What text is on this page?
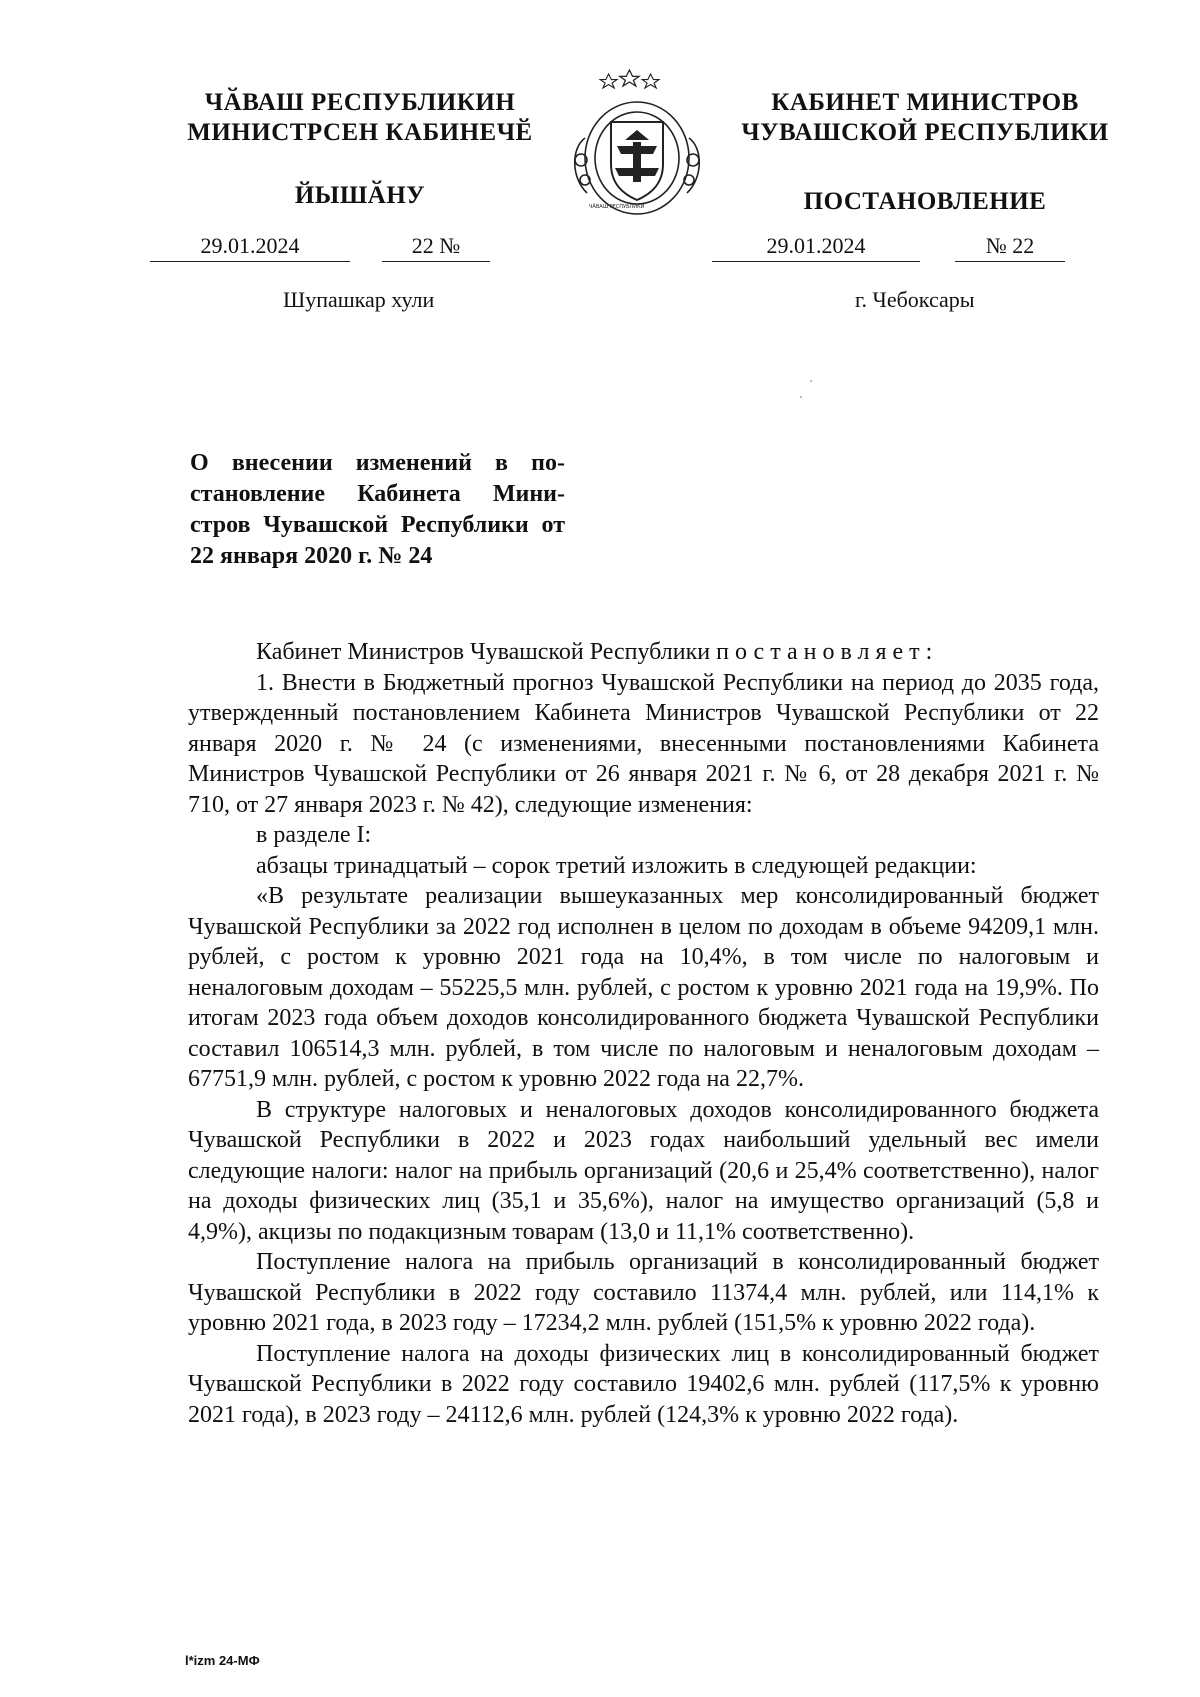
ЧӐВАШ РЕСПУБЛИКИН
МИНИСТРСЕН КАБИНЕЧӖ
ЙЫШӐНУ	ЧӐВАШ РЕСПУБЛИКИ
КАБИНЕТ МИНИСТРОВ
ЧУВАШСКОЙ РЕСПУБЛИКИ
ПОСТАНОВЛЕНИЕ
29.01.2024	22 №	29.01.2024	№ 22
Шупашкар хули	г. Чебоксары
О внесении изменений в по-становление Кабинета Мини-стров Чувашской Республики от 22 января 2020 г. № 24

Кабинет Министров Чувашской Республики постановляет:

1. Внести в Бюджетный прогноз Чувашской Республики на период до 2035 года, утвержденный постановлением Кабинета Министров Чувашской Республики от 22 января 2020 г. № 24 (с изменениями, внесенными постановлениями Кабинета Министров Чувашской Республики от 26 января 2021 г. № 6, от 28 декабря 2021 г. № 710, от 27 января 2023 г. № 42), следующие изменения:

в разделе I:

абзацы тринадцатый – сорок третий изложить в следующей редакции:

«В результате реализации вышеуказанных мер консолидированный бюджет Чувашской Республики за 2022 год исполнен в целом по доходам в объеме 94209,1 млн. рублей, с ростом к уровню 2021 года на 10,4%, в том числе по налоговым и неналоговым доходам – 55225,5 млн. рублей, с ростом к уровню 2021 года на 19,9%. По итогам 2023 года объем доходов консолидированного бюджета Чувашской Республики составил 106514,3 млн. рублей, в том числе по налоговым и неналоговым доходам – 67751,9 млн. рублей, с ростом к уровню 2022 года на 22,7%.

В структуре налоговых и неналоговых доходов консолидированного бюджета Чувашской Республики в 2022 и 2023 годах наибольший удельный вес имели следующие налоги: налог на прибыль организаций (20,6 и 25,4% соответственно), налог на доходы физических лиц (35,1 и 35,6%), налог на имущество организаций (5,8 и 4,9%), акцизы по подакцизным товарам (13,0 и 11,1% соответственно).

Поступление налога на прибыль организаций в консолидированный бюджет Чувашской Республики в 2022 году составило 11374,4 млн. рублей, или 114,1% к уровню 2021 года, в 2023 году – 17234,2 млн. рублей (151,5% к уровню 2022 года).

Поступление налога на доходы физических лиц в консолидированный бюджет Чувашской Республики в 2022 году составило 19402,6 млн. рублей (117,5% к уровню 2021 года), в 2023 году – 24112,6 млн. рублей (124,3% к уровню 2022 года).

l*izm 24-МФ
